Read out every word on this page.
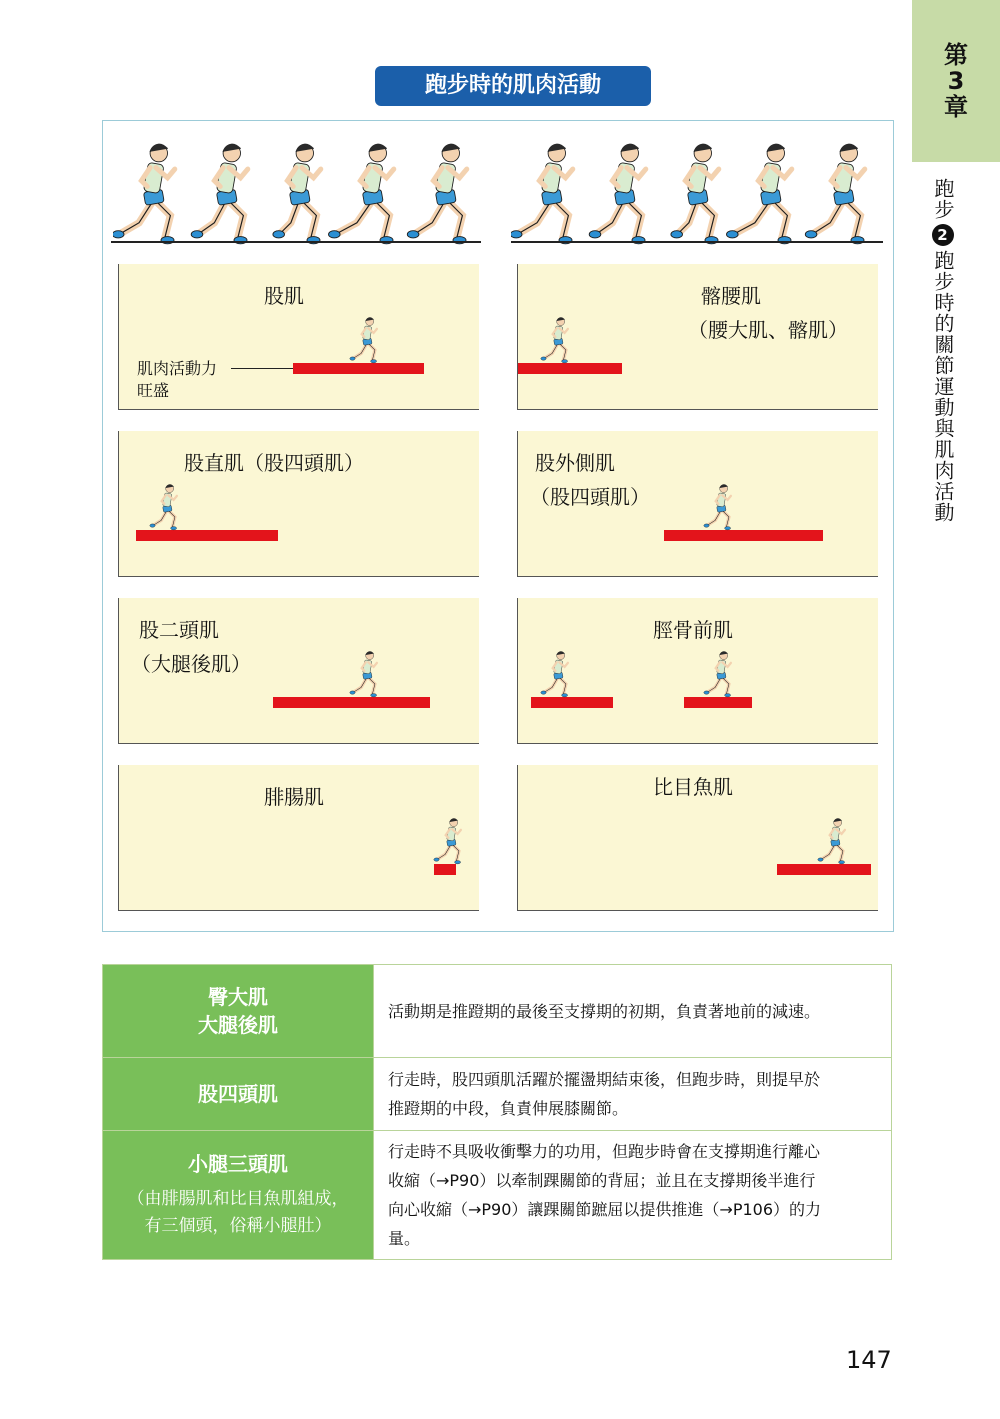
第
3
章
跑步2跑步時的關節運動與肌肉活動
跑步時的肌肉活動
股肌
肌肉活動力
旺盛
髂腰肌
（腰大肌、髂肌）
股直肌（股四頭肌）	股外側肌
（股四頭肌）
股二頭肌
（大腿後肌）
脛骨前肌
腓腸肌	比目魚肌
臀大肌
大腿後肌	活動期是推蹬期的最後至支撐期的初期，負責著地前的減速。

股四頭肌	行走時，股四頭肌活躍於擺盪期結束後，但跑步時，則提早於
推蹬期的中段，負責伸展膝關節。

小腿三頭肌
（由腓腸肌和比目魚肌組成，
有三個頭，俗稱小腿肚）	行走時不具吸收衝擊力的功用，但跑步時會在支撐期進行離心
收縮（→P90）以牽制踝關節的背屈；並且在支撐期後半進行
向心收縮（→P90）讓踝關節蹠屈以提供推進（→P106）的力
量。
147
